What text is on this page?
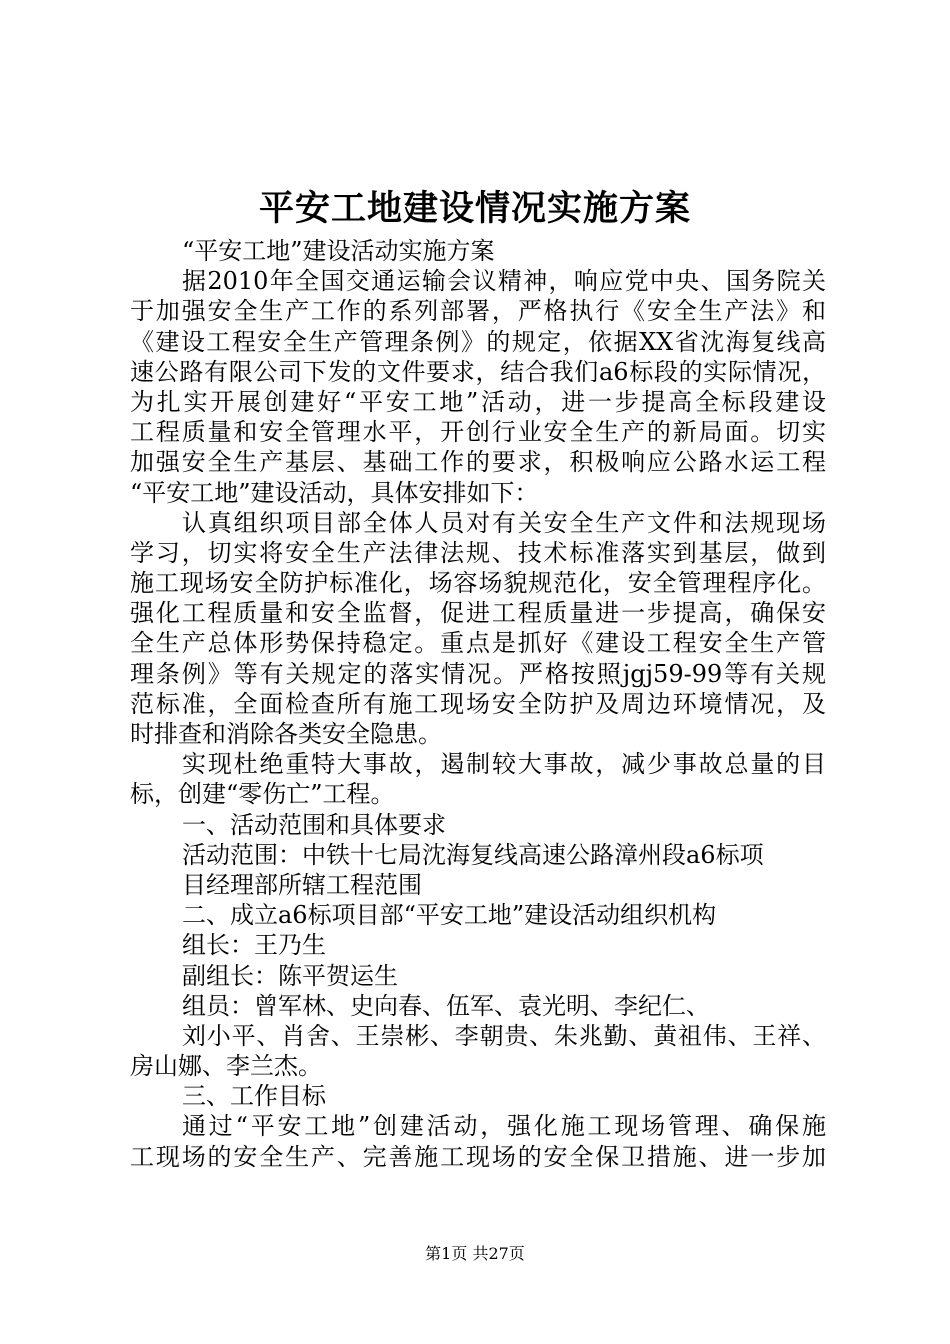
平安工地建设情况实施方案
“平安工地”建设活动实施方案
据2010年全国交通运输会议精神，响应党中央、国务院关
于加强安全生产工作的系列部署，严格执行《安全生产法》和
《建设工程安全生产管理条例》的规定，依据XX省沈海复线高
速公路有限公司下发的文件要求，结合我们a6标段的实际情况，
为扎实开展创建好“平安工地”活动，进一步提高全标段建设
工程质量和安全管理水平，开创行业安全生产的新局面。切实
加强安全生产基层、基础工作的要求，积极响应公路水运工程
“平安工地”建设活动，具体安排如下：
认真组织项目部全体人员对有关安全生产文件和法规现场
学习，切实将安全生产法律法规、技术标准落实到基层，做到
施工现场安全防护标准化，场容场貌规范化，安全管理程序化。
强化工程质量和安全监督，促进工程质量进一步提高，确保安
全生产总体形势保持稳定。重点是抓好《建设工程安全生产管
理条例》等有关规定的落实情况。严格按照jgj59-99等有关规
范标准，全面检查所有施工现场安全防护及周边环境情况，及
时排查和消除各类安全隐患。
实现杜绝重特大事故，遏制较大事故，减少事故总量的目
标，创建“零伤亡”工程。
一、活动范围和具体要求
活动范围：中铁十七局沈海复线高速公路漳州段a6标项
目经理部所辖工程范围
二、成立a6标项目部“平安工地”建设活动组织机构
组长：王乃生
副组长：陈平贺运生
组员：曾军林、史向春、伍军、袁光明、李纪仁、
刘小平、肖舍、王崇彬、李朝贵、朱兆勤、黄祖伟、王祥、
房山娜、李兰杰。
三、工作目标
通过“平安工地”创建活动，强化施工现场管理、确保施
工现场的安全生产、完善施工现场的安全保卫措施、进一步加
第1页 共27页
